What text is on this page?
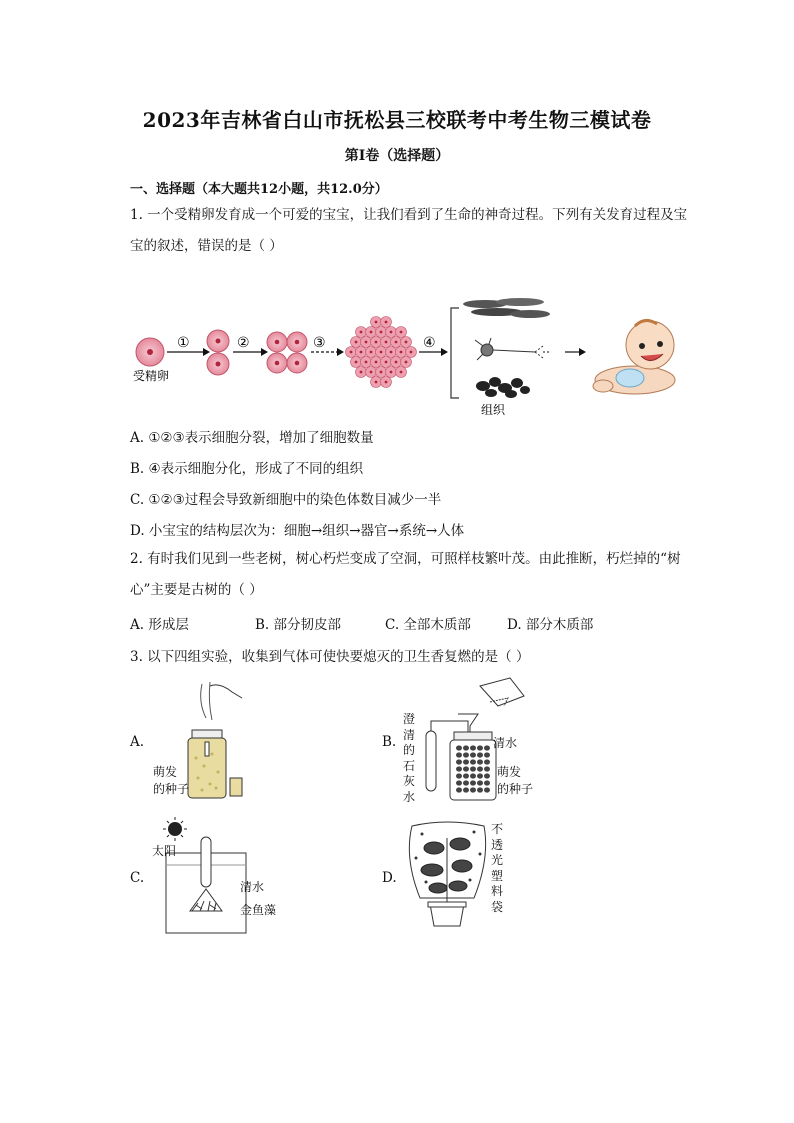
2023年吉林省白山市抚松县三校联考中考生物三模试卷
第I卷（选择题）
一、选择题（本大题共12小题，共12.0分）
1. 一个受精卵发育成一个可爱的宝宝，让我们看到了生命的神奇过程。下列有关发育过程及宝宝的叙述，错误的是（ ）
受精卵
①	②	③	④
组织
A. ①②③表示细胞分裂，增加了细胞数量
B. ④表示细胞分化，形成了不同的组织
C. ①②③过程会导致新细胞中的染色体数目减少一半
D. 小宝宝的结构层次为：细胞→组织→器官→系统→人体
2. 有时我们见到一些老树，树心朽烂变成了空洞，可照样枝繁叶茂。由此推断，朽烂掉的“树心”主要是古树的（ ）
A. 形成层	B. 部分韧皮部	C. 全部木质部	D. 部分木质部
3. 以下四组实验，收集到气体可使快要熄灭的卫生香复燃的是（ ）
A.
萌发
的种子
B.
澄
清
的
石
灰
水
清水
萌发
的种子
C.
太阳
清水
金鱼藻
D.
不
透
光
塑
料
袋
